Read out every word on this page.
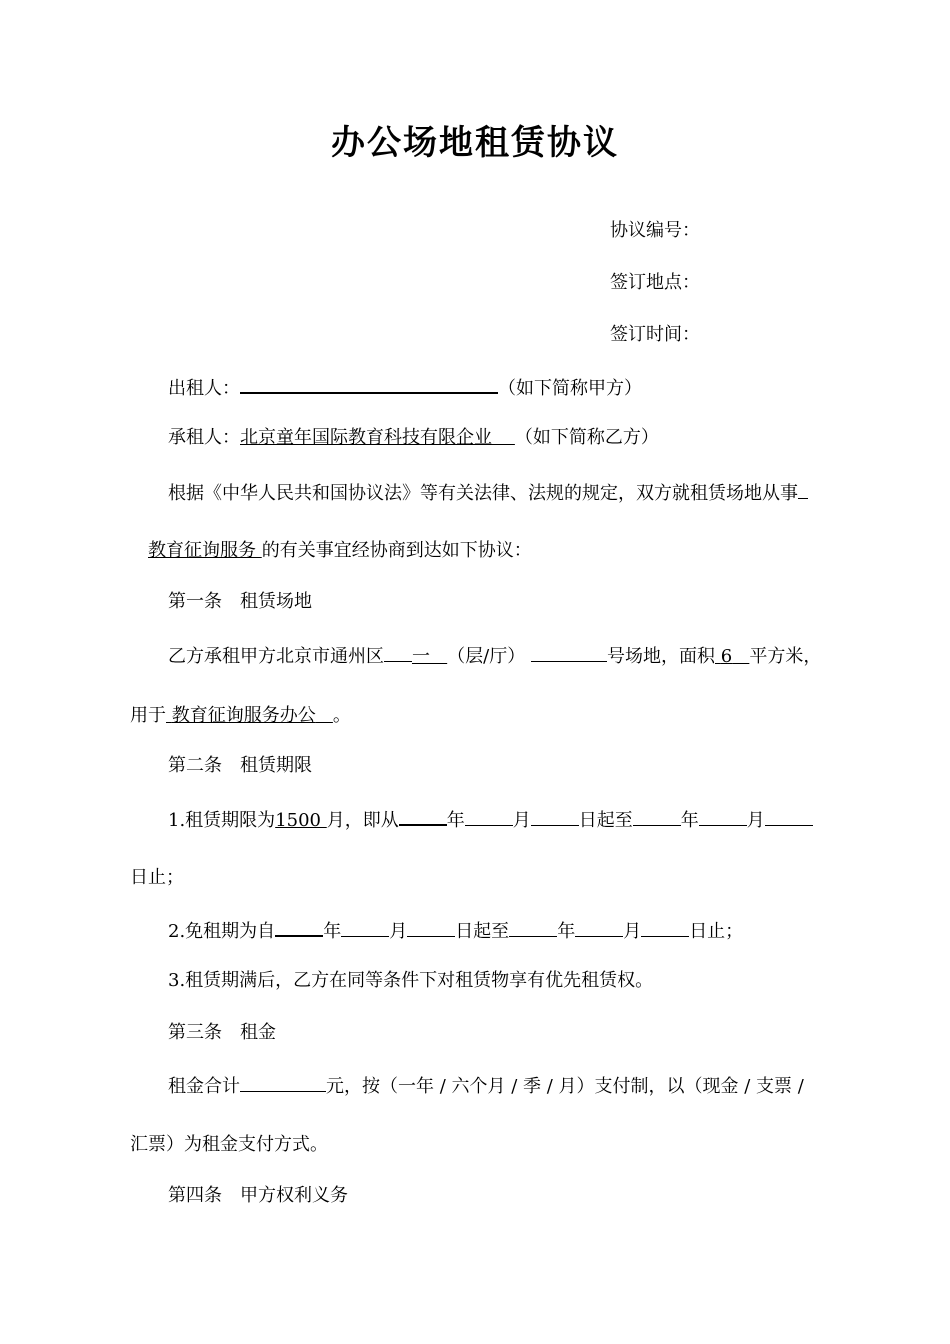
办公场地租赁协议
协议编号：
签订地点：
签订时间：
出租人：	（如下简称甲方）
承租人：北京童年国际教育科技有限企业 （如下简称乙方）
根据《中华人民共和国协议法》等有关法律、法规的规定，双方就租赁场地从事
教育征询服务 的有关事宜经协商到达如下协议：
第一条 租赁场地
乙方承租甲方北京市通州区 一 （层/厅）	号场地，面积 6 平方米，
用于 教育征询服务办公 。
第二条 租赁期限
1.租赁期限为1500 月，即从	年	月	日起至	年	月
日止；
2.免租期为自	年	月	日起至	年	月	日止；
3.租赁期满后，乙方在同等条件下对租赁物享有优先租赁权。
第三条 租金
租金合计	元，按（一年 / 六个月 / 季 / 月）支付制，以（现金 / 支票 /
汇票）为租金支付方式。
第四条 甲方权利义务
